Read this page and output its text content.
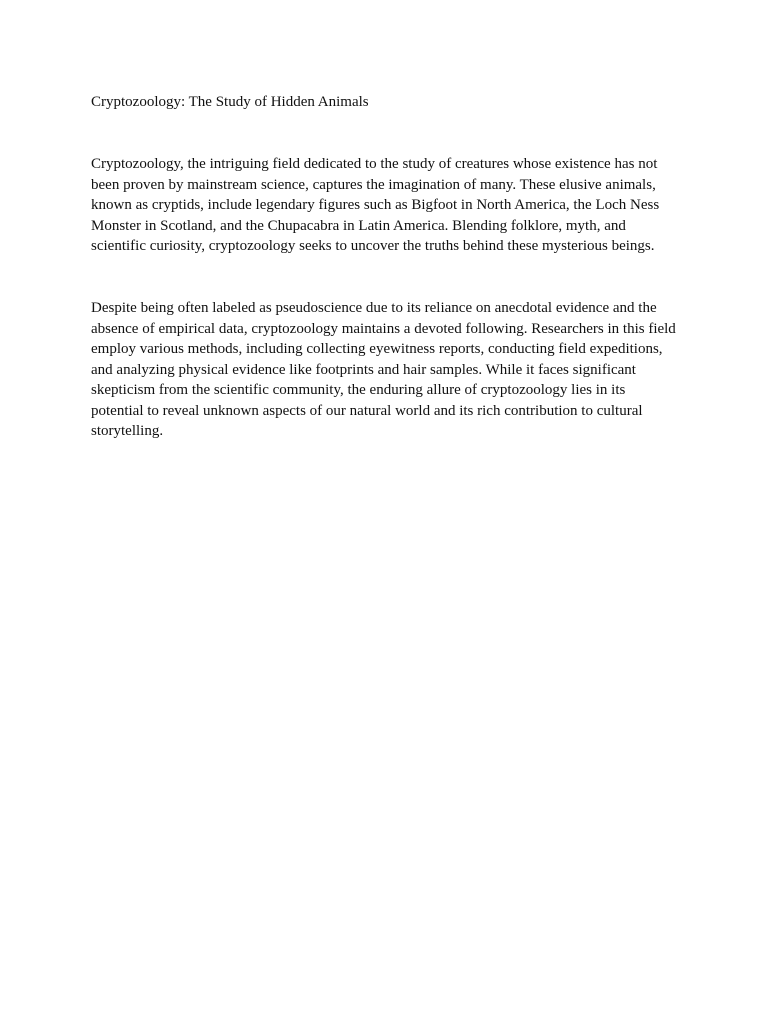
Cryptozoology: The Study of Hidden Animals

Cryptozoology, the intriguing field dedicated to the study of creatures whose existence has not been proven by mainstream science, captures the imagination of many. These elusive animals, known as cryptids, include legendary figures such as Bigfoot in North America, the Loch Ness Monster in Scotland, and the Chupacabra in Latin America. Blending folklore, myth, and scientific curiosity, cryptozoology seeks to uncover the truths behind these mysterious beings.

Despite being often labeled as pseudoscience due to its reliance on anecdotal evidence and the absence of empirical data, cryptozoology maintains a devoted following. Researchers in this field employ various methods, including collecting eyewitness reports, conducting field expeditions, and analyzing physical evidence like footprints and hair samples. While it faces significant skepticism from the scientific community, the enduring allure of cryptozoology lies in its potential to reveal unknown aspects of our natural world and its rich contribution to cultural storytelling.
